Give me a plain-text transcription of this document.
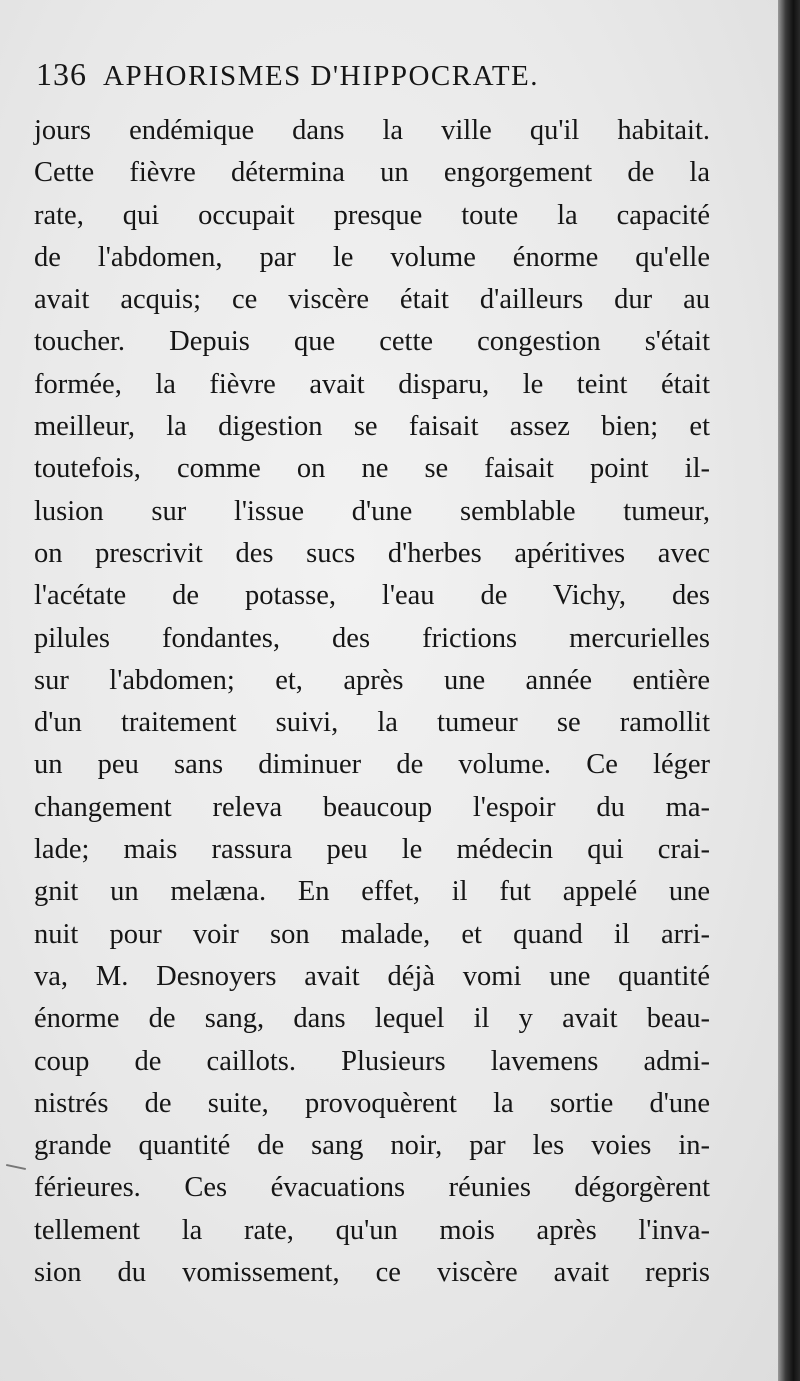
136 APHORISMES D'HIPPOCRATE.
jours endémique dans la ville qu'il habitait.
Cette fièvre détermina un engorgement de la
rate, qui occupait presque toute la capacité
de l'abdomen, par le volume énorme qu'elle
avait acquis; ce viscère était d'ailleurs dur au
toucher. Depuis que cette congestion s'était
formée, la fièvre avait disparu, le teint était
meilleur, la digestion se faisait assez bien; et
toutefois, comme on ne se faisait point il-
lusion sur l'issue d'une semblable tumeur,
on prescrivit des sucs d'herbes apéritives avec
l'acétate de potasse, l'eau de Vichy, des
pilules fondantes, des frictions mercurielles
sur l'abdomen; et, après une année entière
d'un traitement suivi, la tumeur se ramollit
un peu sans diminuer de volume. Ce léger
changement releva beaucoup l'espoir du ma-
lade; mais rassura peu le médecin qui crai-
gnit un melæna. En effet, il fut appelé une
nuit pour voir son malade, et quand il arri-
va, M. Desnoyers avait déjà vomi une quantité
énorme de sang, dans lequel il y avait beau-
coup de caillots. Plusieurs lavemens admi-
nistrés de suite, provoquèrent la sortie d'une
grande quantité de sang noir, par les voies in-
férieures. Ces évacuations réunies dégorgèrent
tellement la rate, qu'un mois après l'inva-
sion du vomissement, ce viscère avait repris
